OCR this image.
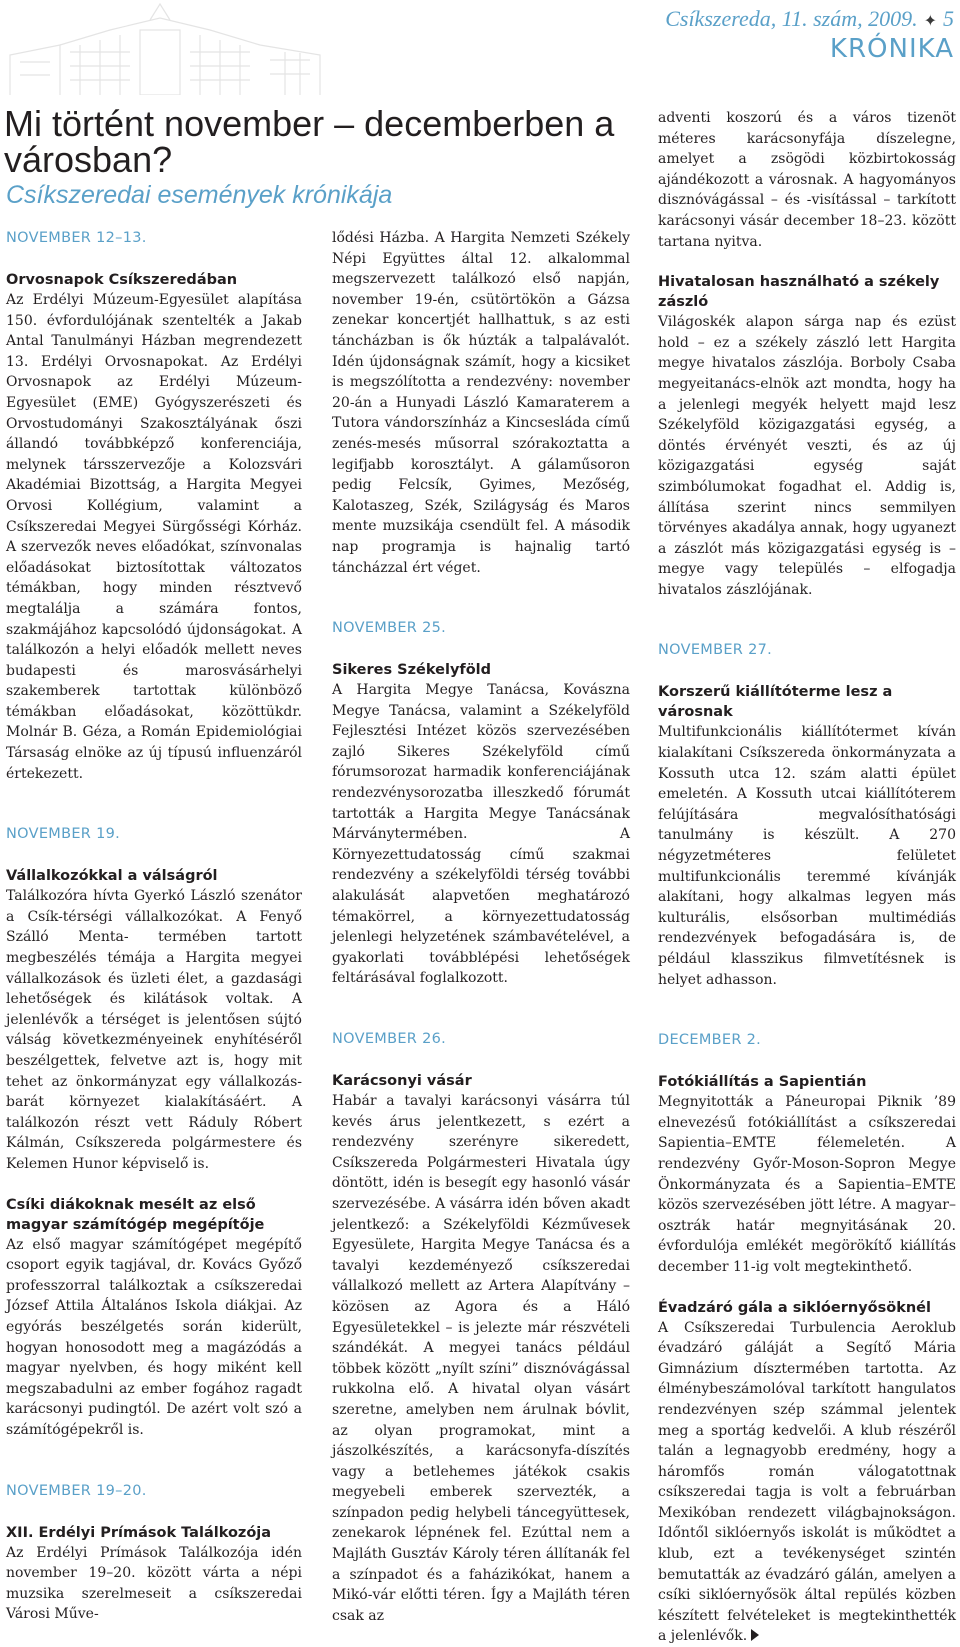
Csíkszereda, 11. szám, 2009. ✦ 5
KRÓNIKA
Mi történt november – decemberben a városban?
Csíkszeredai események krónikája
NOVEMBER 12–13.
Orvosnapok Csíkszeredában

Az Erdélyi Múzeum-Egyesület alapítása 150. évfordulójának szentelték a Jakab Antal Tanulmányi Házban megrendezett 13. Erdélyi Orvosnapokat. Az Erdélyi Orvosnapok az Erdélyi Múzeum-Egyesület (EME) Gyógyszerészeti és Orvostudományi Szakosztályának őszi állandó továbbképző konferenciája, melynek társszervezője a Kolozsvári Akadémiai Bizottság, a Hargita Megyei Orvosi Kollégium, valamint a Csíkszeredai Megyei Sürgősségi Kórház. A szervezők neves előadókat, színvonalas előadásokat biztosítottak változatos témákban, hogy minden résztvevő megtalálja a számára fontos, szakmájához kapcsolódó újdonságokat. A találkozón a helyi előadók mellett neves budapesti és marosvásárhelyi szakemberek tartottak különböző témákban előadásokat, közöttükdr. Molnár B. Géza, a Román Epidemiológiai Társaság elnöke az új típusú influenzáról értekezett.

NOVEMBER 19.
Vállalkozókkal a válságról

Találkozóra hívta Gyerkó László szenátor a Csík-térségi vállalkozókat. A Fenyő Szálló Menta- termében tartott megbeszélés témája a Hargita megyei vállalkozások és üzleti élet, a gazdasági lehetőségek és kilátások voltak. A jelenlévők a térséget is jelentősen sújtó válság következményeinek enyhítéséről beszélgettek, felvetve azt is, hogy mit tehet az önkormányzat egy vállalkozás-barát környezet kialakításáért. A találkozón részt vett Ráduly Róbert Kálmán, Csíkszereda polgármestere és Kelemen Hunor képviselő is.

Csíki diákoknak mesélt az első magyar számítógép megépítője

Az első magyar számítógépet megépítő csoport egyik tagjával, dr. Kovács Győző professzorral találkoztak a csíkszeredai József Attila Általános Iskola diákjai. Az egyórás beszélgetés során kiderült, hogyan honosodott meg a magázódás a magyar nyelvben, és hogy miként kell megszabadulni az ember fogához ragadt karácsonyi pudingtól. De azért volt szó a számítógépekről is.

NOVEMBER 19–20.
XII. Erdélyi Prímások Találkozója

Az Erdélyi Prímások Találkozója idén november 19–20. között várta a népi muzsika szerelmeseit a csíkszeredai Városi Műve-

lődési Házba. A Hargita Nemzeti Székely Népi Együttes által 12. alkalommal megszervezett találkozó első napján, november 19-én, csütörtökön a Gázsa zenekar koncertjét hallhattuk, s az esti táncházban is ők húzták a talpalávalót. Idén újdonságnak számít, hogy a kicsiket is megszólította a rendezvény: november 20-án a Hunyadi László Kamaraterem a Tutora vándorszínház a Kincsesláda című zenés-mesés műsorral szórakoztatta a legifjabb korosztályt. A gálaműsoron pedig Felcsík, Gyimes, Mezőség, Kalotaszeg, Szék, Szilágyság és Maros mente muzsikája csendült fel. A második nap programja is hajnalig tartó táncházzal ért véget.

NOVEMBER 25.
Sikeres Székelyföld

A Hargita Megye Tanácsa, Kovászna Megye Tanácsa, valamint a Székelyföld Fejlesztési Intézet közös szervezésében zajló Sikeres Székelyföld című fórumsorozat harmadik konferenciájának rendezvénysorozatba illeszkedő fórumát tartották a Hargita Megye Tanácsának Márványtermében. A Környezettudatosság című szakmai rendezvény a székelyföldi térség további alakulását alapvetően meghatározó témakörrel, a környezettudatosság jelenlegi helyzetének számbavételével, a gyakorlati továbblépési lehetőségek feltárásával foglalkozott.

NOVEMBER 26.
Karácsonyi vásár

Habár a tavalyi karácsonyi vásárra túl kevés árus jelentkezett, s ezért a rendezvény szerényre sikeredett, Csíkszereda Polgármesteri Hivatala úgy döntött, idén is besegít egy hasonló vásár szervezésébe. A vásárra idén bőven akadt jelentkező: a Székelyföldi Kézművesek Egyesülete, Hargita Megye Tanácsa és a tavalyi kezdeményező csíkszeredai vállalkozó mellett az Artera Alapítvány – közösen az Agora és a Háló Egyesületekkel – is jelezte már részvételi szándékát. A megyei tanács például többek között „nyílt színi” disznóvágással rukkolna elő. A hivatal olyan vásárt szeretne, amelyben nem árulnak bóvlit, az olyan programokat, mint a jászolkészítés, a karácsonyfa-díszítés vagy a betlehemes játékok csakis megyebeli emberek szervezték, a színpadon pedig helybeli táncegyüttesek, zenekarok lépnének fel. Ezúttal nem a Majláth Gusztáv Károly téren állítanák fel a színpadot és a faházikókat, hanem a Mikó-vár előtti téren. Így a Majláth téren csak az

adventi koszorú és a város tizenöt méteres karácsonyfája díszelegne, amelyet a zsögödi közbirtokosság ajándékozott a városnak. A hagyományos disznóvágással – és -visítással – tarkított karácsonyi vásár december 18–23. között tartana nyitva.

Hivatalosan használható a székely zászló

Világoskék alapon sárga nap és ezüst hold – ez a székely zászló lett Hargita megye hivatalos zászlója. Borboly Csaba megyeitanács-elnök azt mondta, hogy ha a jelenlegi megyék helyett majd lesz Székelyföld közigazgatási egység, a döntés érvényét veszti, és az új közigazgatási egység saját szimbólumokat fogadhat el. Addig is, állítása szerint nincs semmilyen törvényes akadálya annak, hogy ugyanezt a zászlót más közigazgatási egység is – megye vagy település – elfogadja hivatalos zászlójának.

NOVEMBER 27.
Korszerű kiállítóterme lesz a városnak

Multifunkcionális kiállítótermet kíván kialakítani Csíkszereda önkormányzata a Kossuth utca 12. szám alatti épület emeletén. A Kossuth utcai kiállítóterem felújítására megvalósíthatósági tanulmány is készült. A 270 négyzetméteres felületet multifunkcionális teremmé kívánják alakítani, hogy alkalmas legyen más kulturális, elsősorban multimédiás rendezvények befogadására is, de például klasszikus filmvetítésnek is helyet adhasson.

DECEMBER 2.
Fotókiállítás a Sapientián

Megnyitották a Páneuropai Piknik ’89 elnevezésű fotókiállítást a csíkszeredai Sapientia–EMTE félemeletén. A rendezvény Győr-Moson-Sopron Megye Önkormányzata és a Sapientia–EMTE közös szervezésében jött létre. A magyar–osztrák határ megnyitásának 20. évfordulója emlékét megörökítő kiállítás december 11-ig volt megtekinthető.

Évadzáró gála a siklóernyősöknél

A Csíkszeredai Turbulencia Aeroklub évadzáró gáláját a Segítő Mária Gimnázium dísztermében tartotta. Az élménybeszámolóval tarkított hangulatos rendezvényen szép számmal jelentek meg a sportág kedvelői. A klub részéről talán a legnagyobb eredmény, hogy a háromfős román válogatottnak csíkszeredai tagja is volt a februárban Mexikóban rendezett világbajnokságon. Időntől siklóernyős iskolát is működtet a klub, ezt a tevékenységet szintén bemutatták az évadzáró gálán, amelyen a csíki siklóernyősök által repülés közben készített felvételeket is megtekinthették a jelenlévők.
